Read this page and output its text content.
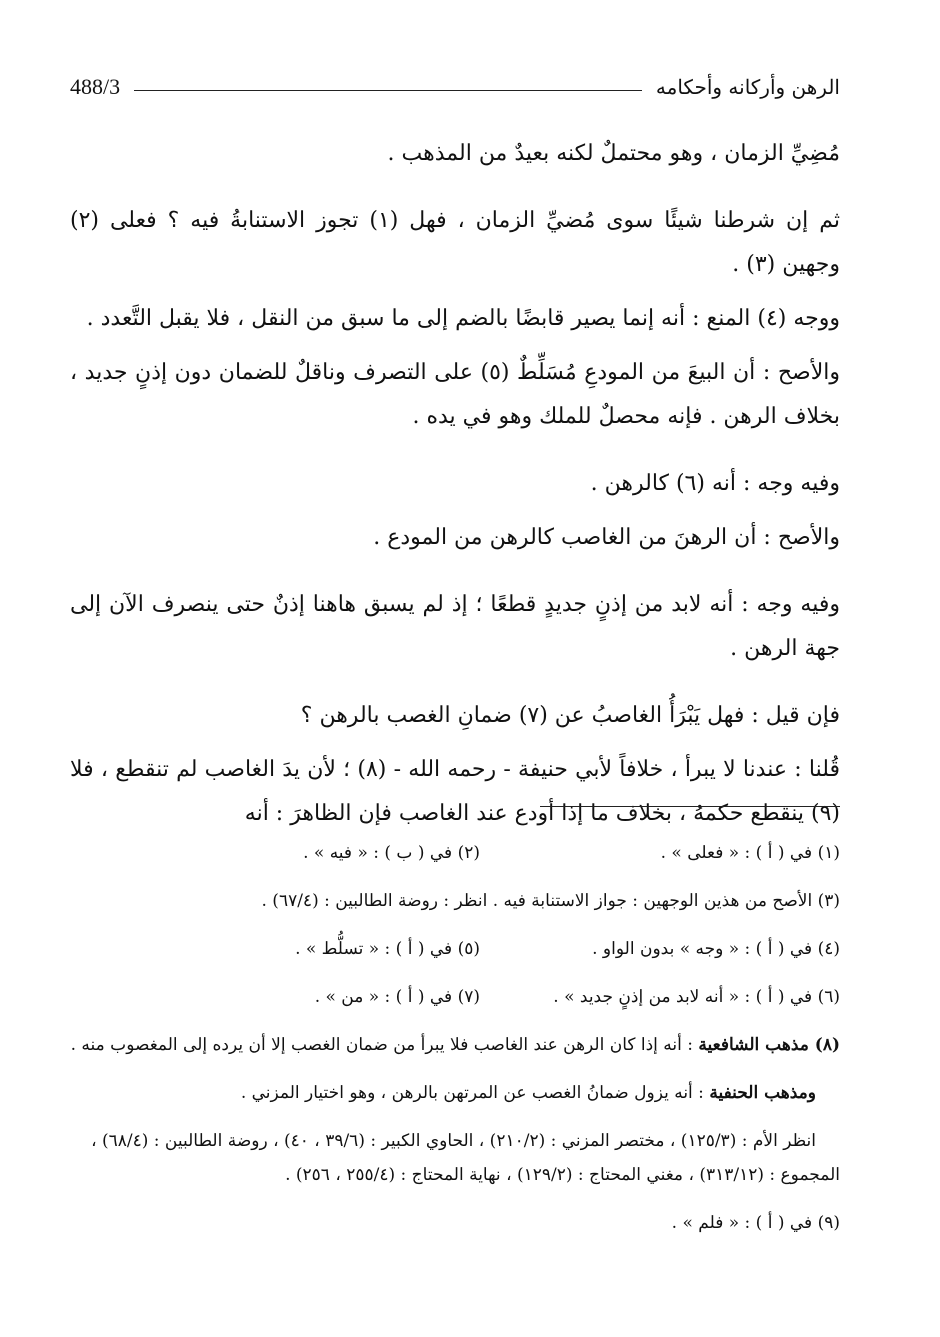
488/3	الرهن وأركانه وأحكامه

مُضِيِّ الزمان ، وهو محتملٌ لكنه بعيدٌ من المذهب .

ثم إن شرطنا شيئًا سوى مُضيِّ الزمان ، فهل (١) تجوز الاستنابةُ فيه ؟ فعلى (٢) وجهين (٣) .

ووجه (٤) المنع : أنه إنما يصير قابضًا بالضم إلى ما سبق من النقل ، فلا يقبل التَّعدد .

والأصح : أن البيعَ من المودعِ مُسَلِّطٌ (٥) على التصرف وناقلٌ للضمان دون إذنٍ جديد ، بخلاف الرهن . فإنه محصلٌ للملك وهو في يده .

وفيه وجه : أنه (٦) كالرهن .

والأصح : أن الرهنَ من الغاصب كالرهن من المودع .

وفيه وجه : أنه لابد من إذنٍ جديدٍ قطعًا ؛ إذ لم يسبق هاهنا إذنٌ حتى ينصرف الآن إلى جهة الرهن .

فإن قيل : فهل يَبْرَأُ الغاصبُ عن (٧) ضمانِ الغصب بالرهن ؟

قُلنا : عندنا لا يبرأ ، خلافاً لأبي حنيفة - رحمه الله - (٨) ؛ لأن يدَ الغاصب لم تنقطع ، فلا (٩) ينقطع حكمهُ ، بخلاف ما إذا أودع عند الغاصب فإن الظاهرَ : أنه

(١) في ( أ ) : « فعلى » .
(٢) في ( ب ) : « فيه » .
(٣) الأصح من هذين الوجهين : جواز الاستنابة فيه . انظر : روضة الطالبين : (٦٧/٤) .
(٤) في ( أ ) : « وجه » بدون الواو .
(٥) في ( أ ) : « تسلُّط » .
(٦) في ( أ ) : « أنه لابد من إذنٍ جديد » .
(٧) في ( أ ) : « من » .
(٨) مذهب الشافعية : أنه إذا كان الرهن عند الغاصب فلا يبرأ من ضمان الغصب إلا أن يرده إلى المغصوب منه .
ومذهب الحنفية : أنه يزول ضمانُ الغصب عن المرتهن بالرهن ، وهو اختيار المزني .
انظر الأم : (١٢٥/٣) ، مختصر المزني : (٢١٠/٢) ، الحاوي الكبير : (٣٩/٦ ، ٤٠) ، روضة الطالبين : (٦٨/٤) ، المجموع : (٣١٣/١٢) ، مغني المحتاج : (١٢٩/٢) ، نهاية المحتاج : (٢٥٥/٤ ، ٢٥٦) .
(٩) في ( أ ) : « فلم » .
